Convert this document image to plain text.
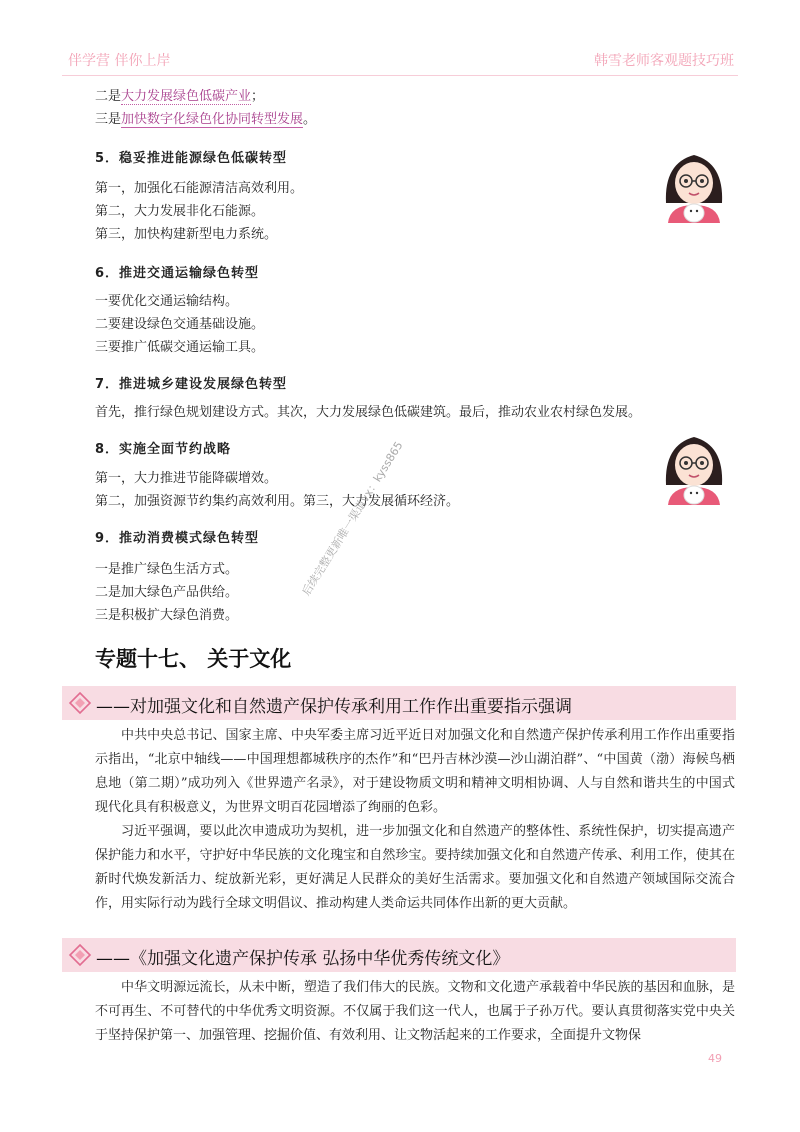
伴学营 伴你上岸	韩雪老师客观题技巧班
二是大力发展绿色低碳产业；
三是加快数字化绿色化协同转型发展。
5．稳妥推进能源绿色低碳转型
第一，加强化石能源清洁高效利用。
第二，大力发展非化石能源。
第三，加快构建新型电力系统。
6．推进交通运输绿色转型
一要优化交通运输结构。
二要建设绿色交通基础设施。
三要推广低碳交通运输工具。
7．推进城乡建设发展绿色转型
首先，推行绿色规划建设方式。其次，大力发展绿色低碳建筑。最后，推动农业农村绿色发展。
8．实施全面节约战略
第一，大力推进节能降碳增效。
第二，加强资源节约集约高效利用。第三，大力发展循环经济。
9．推动消费模式绿色转型
一是推广绿色生活方式。
二是加大绿色产品供给。
三是积极扩大绿色消费。
后续完整更新唯一渠道vx：kyss865
专题十七、 关于文化
——对加强文化和自然遗产保护传承利用工作作出重要指示强调
中共中央总书记、国家主席、中央军委主席习近平近日对加强文化和自然遗产保护传承利用工作作出重要指示指出，“北京中轴线——中国理想都城秩序的杰作”和“巴丹吉林沙漠—沙山湖泊群”、“中国黄（渤）海候鸟栖息地（第二期）”成功列入《世界遗产名录》，对于建设物质文明和精神文明相协调、人与自然和谐共生的中国式现代化具有积极意义，为世界文明百花园增添了绚丽的色彩。
习近平强调，要以此次申遗成功为契机，进一步加强文化和自然遗产的整体性、系统性保护，切实提高遗产保护能力和水平，守护好中华民族的文化瑰宝和自然珍宝。要持续加强文化和自然遗产传承、利用工作，使其在新时代焕发新活力、绽放新光彩，更好满足人民群众的美好生活需求。要加强文化和自然遗产领域国际交流合作，用实际行动为践行全球文明倡议、推动构建人类命运共同体作出新的更大贡献。
——《加强文化遗产保护传承 弘扬中华优秀传统文化》
中华文明源远流长，从未中断，塑造了我们伟大的民族。文物和文化遗产承载着中华民族的基因和血脉，是不可再生、不可替代的中华优秀文明资源。不仅属于我们这一代人，也属于子孙万代。要认真贯彻落实党中央关于坚持保护第一、加强管理、挖掘价值、有效利用、让文物活起来的工作要求，全面提升文物保
49
